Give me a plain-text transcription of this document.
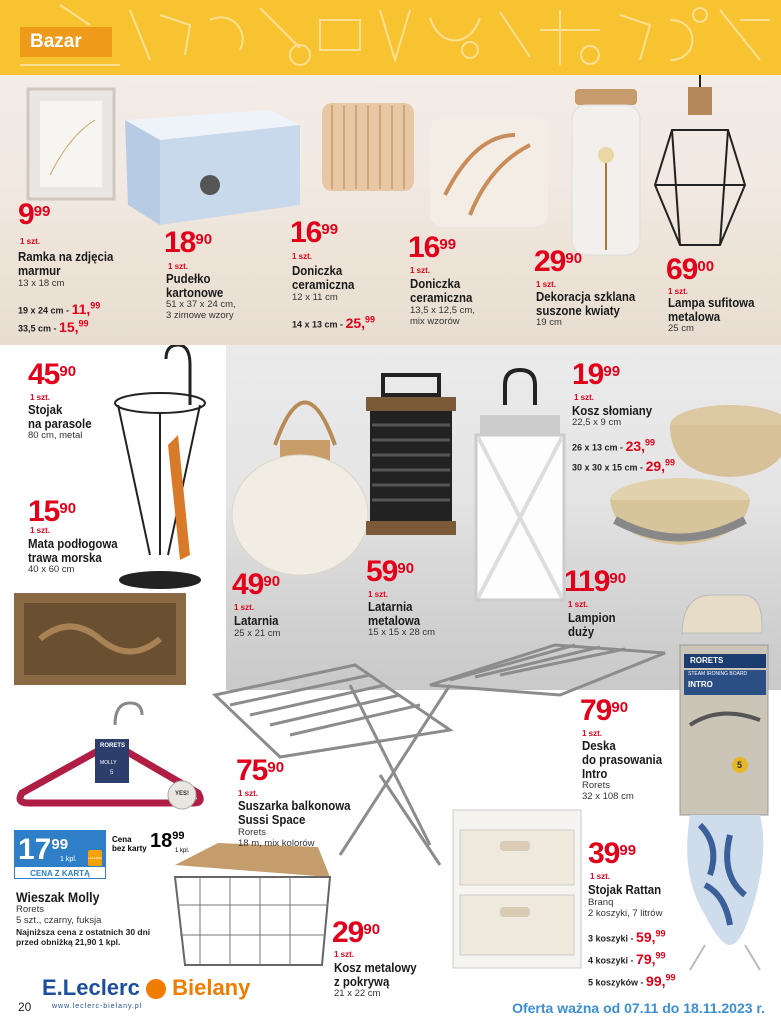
Bazar
999
1 szt.
Ramka na zdjęcia
marmur
13 x 18 cm
19 x 24 cm - 11,99
33,5 cm - 15,99
1890
1 szt.
Pudełko
kartonowe
51 x 37 x 24 cm,
3 zimowe wzory
1699
1 szt.
Doniczka
ceramiczna
12 x 11 cm
14 x 13 cm - 25,99
1699
1 szt.
Doniczka
ceramiczna
13,5 x 12,5 cm,
mix wzorów
2990
1 szt.
Dekoracja szklana
suszone kwiaty
19 cm
6900
1 szt.
Lampa sufitowa
metalowa
25 cm
4590
1 szt.
Stojak
na parasole
80 cm, metal
1590
1 szt.
Mata podłogowa
trawa morska
40 x 60 cm
1999
1 szt.
Kosz słomiany
22,5 x 9 cm
26 x 13 cm - 23,99
30 x 30 x 15 cm - 29,99
4990
1 szt.
Latarnia
25 x 21 cm
5990
1 szt.
Latarnia
metalowa
15 x 15 x 28 cm
11990
1 szt.
Lampion
duży
7990
1 szt.
Deska
do prasowania
Intro
Rorets
32 x 108 cm
RORETS
STEAM IRONING BOARD
INTRO
5
7590
1 szt.
Suszarka balkonowa
Sussi Space
Rorets
18 m, mix kolorów
RORETS
MOLLY
5
YES!
$17^{99}$
1 kpl.	LECLERC
CENA Z KARTĄ
Cena
bez karty $18^{99}$
1 kpl.
Wieszak Molly
Rorets
5 szt., czarny, fuksja
Najniższa cena z ostatnich 30 dni
przed obniżką 21,90 1 kpl.
3999
1 szt.
Stojak Rattan
Branq
2 koszyki, 7 litrów
3 koszyki - 59,99
4 koszyki - 79,99
5 koszyków - 99,99
2990
1 szt.
Kosz metalowy
z pokrywą
21 x 22 cm
20
E.Leclerc Bielany
www.leclerc-bielany.pl	Oferta ważna od 07.11 do 18.11.2023 r.
